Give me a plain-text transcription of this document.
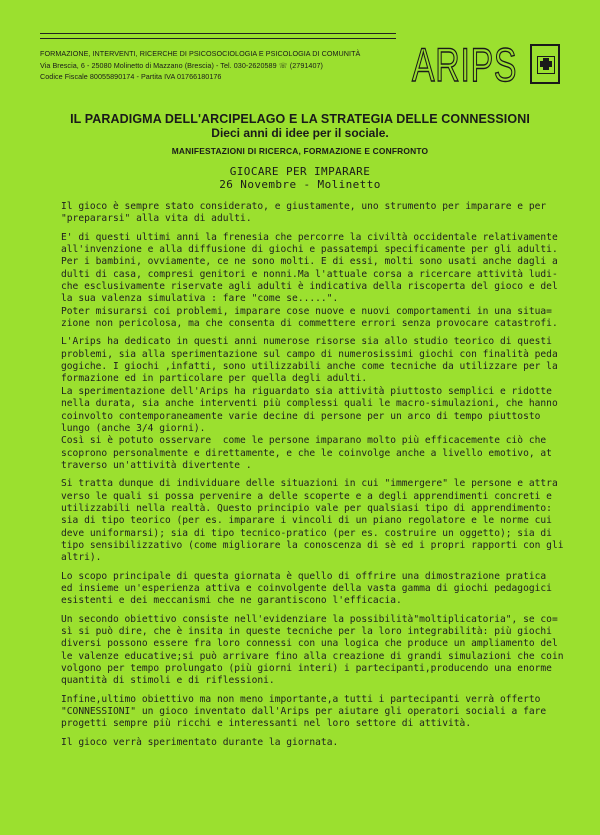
FORMAZIONE, INTERVENTI, RICERCHE DI PSICOSOCIOLOGIA E PSICOLOGIA DI COMUNITÀ
Via Brescia, 6 - 25080 Molinetto di Mazzano (Brescia) - Tel. 030-2620589 ☏ (2791407)
Codice Fiscale 80055890174 - Partita IVA 01766180176	ARIPS
IL PARADIGMA DELL'ARCIPELAGO E LA STRATEGIA DELLE CONNESSIONI
Dieci anni di idee per il sociale.
MANIFESTAZIONI DI RICERCA, FORMAZIONE E CONFRONTO
GIOCARE PER IMPARARE
26 Novembre - Molinetto
Il gioco è sempre stato considerato, e giustamente, uno strumento per imparare e per
"prepararsi" alla vita di adulti.
E' di questi ultimi anni la frenesia che percorre la civiltà occidentale relativamente
all'invenzione e alla diffusione di giochi e passatempi specificamente per gli adulti.
Per i bambini, ovviamente, ce ne sono molti. E di essi, molti sono usati anche dagli a
dulti di casa, compresi genitori e nonni.Ma l'attuale corsa a ricercare attività ludi-
che esclusivamente riservate agli adulti è indicativa della riscoperta del gioco e del
la sua valenza simulativa : fare "come se.....".
Poter misurarsi coi problemi, imparare cose nuove e nuovi comportamenti in una situa=
zione non pericolosa, ma che consenta di commettere errori senza provocare catastrofi.
L'Arips ha dedicato in questi anni numerose risorse sia allo studio teorico di questi
problemi, sia alla sperimentazione sul campo di numerosissimi giochi con finalità peda
gogiche. I giochi ,infatti, sono utilizzabili anche come tecniche da utilizzare per la
formazione ed in particolare per quella degli adulti.
La sperimentazione dell'Arips ha riguardato sia attività piuttosto semplici e ridotte
nella durata, sia anche interventi più complessi quali le macro-simulazioni, che hanno
coinvolto contemporaneamente varie decine di persone per un arco di tempo piuttosto
lungo (anche 3/4 giorni).
Così si è potuto osservare  come le persone imparano molto più efficacemente ciò che
scoprono personalmente e direttamente, e che le coinvolge anche a livello emotivo, at
traverso un'attività divertente .
Si tratta dunque di individuare delle situazioni in cui "immergere" le persone e attra
verso le quali si possa pervenire a delle scoperte e a degli apprendimenti concreti e
utilizzabili nella realtà. Questo principio vale per qualsiasi tipo di apprendimento:
sia di tipo teorico (per es. imparare i vincoli di un piano regolatore e le norme cui
deve uniformarsi); sia di tipo tecnico-pratico (per es. costruire un oggetto); sia di
tipo sensibilizzativo (come migliorare la conoscenza di sè ed i propri rapporti con gli
altri).
Lo scopo principale di questa giornata è quello di offrire una dimostrazione pratica
ed insieme un'esperienza attiva e coinvolgente della vasta gamma di giochi pedagogici
esistenti e dei meccanismi che ne garantiscono l'efficacia.
Un secondo obiettivo consiste nell'evidenziare la possibilità"moltiplicatoria", se co=
sì si può dire, che è insita in queste tecniche per la loro integrabilità: più giochi
diversi possono essere fra loro connessi con una logica che produce un ampliamento del
le valenze educative;si può arrivare fino alla creazione di grandi simulazioni che coin
volgono per tempo prolungato (più giorni interi) i partecipanti,producendo una enorme
quantità di stimoli e di riflessioni.
Infine,ultimo obiettivo ma non meno importante,a tutti i partecipanti verrà offerto
"CONNESSIONI" un gioco inventato dall'Arips per aiutare gli operatori sociali a fare
progetti sempre più ricchi e interessanti nel loro settore di attività.
Il gioco verrà sperimentato durante la giornata.
